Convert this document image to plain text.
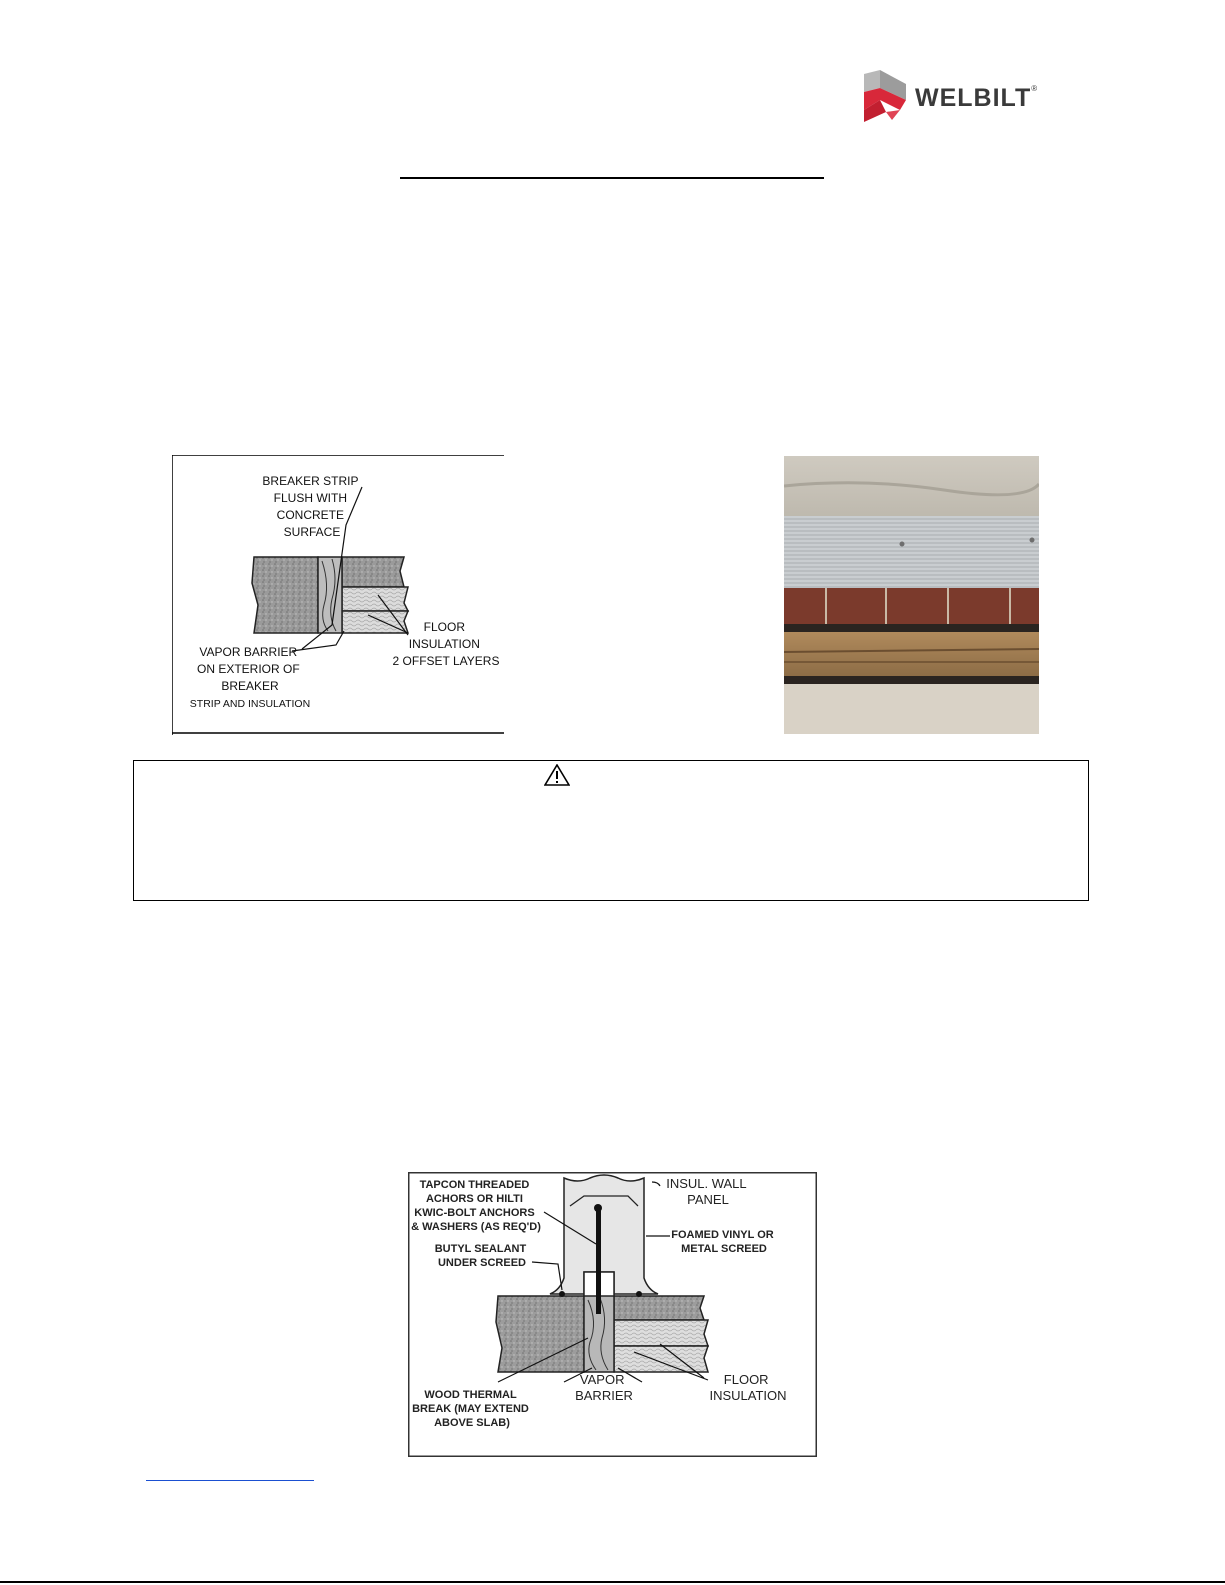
WELBILT®
BREAKER STRIP FLUSH WITH CONCRETE SURFACE
VAPOR BARRIER ON EXTERIOR OF BREAKER
STRIP AND INSULATION
FLOOR INSULATION 2 OFFSET LAYERS
TAPCON THREADED ACHORS OR HILTI KWIC-BOLT ANCHORS & WASHERS (AS REQ'D)
BUTYL SEALANT UNDER SCREED
INSUL. WALL PANEL
FOAMED VINYL OR METAL SCREED
WOOD THERMAL BREAK (MAY EXTEND ABOVE SLAB)
VAPOR BARRIER
FLOOR INSULATION
